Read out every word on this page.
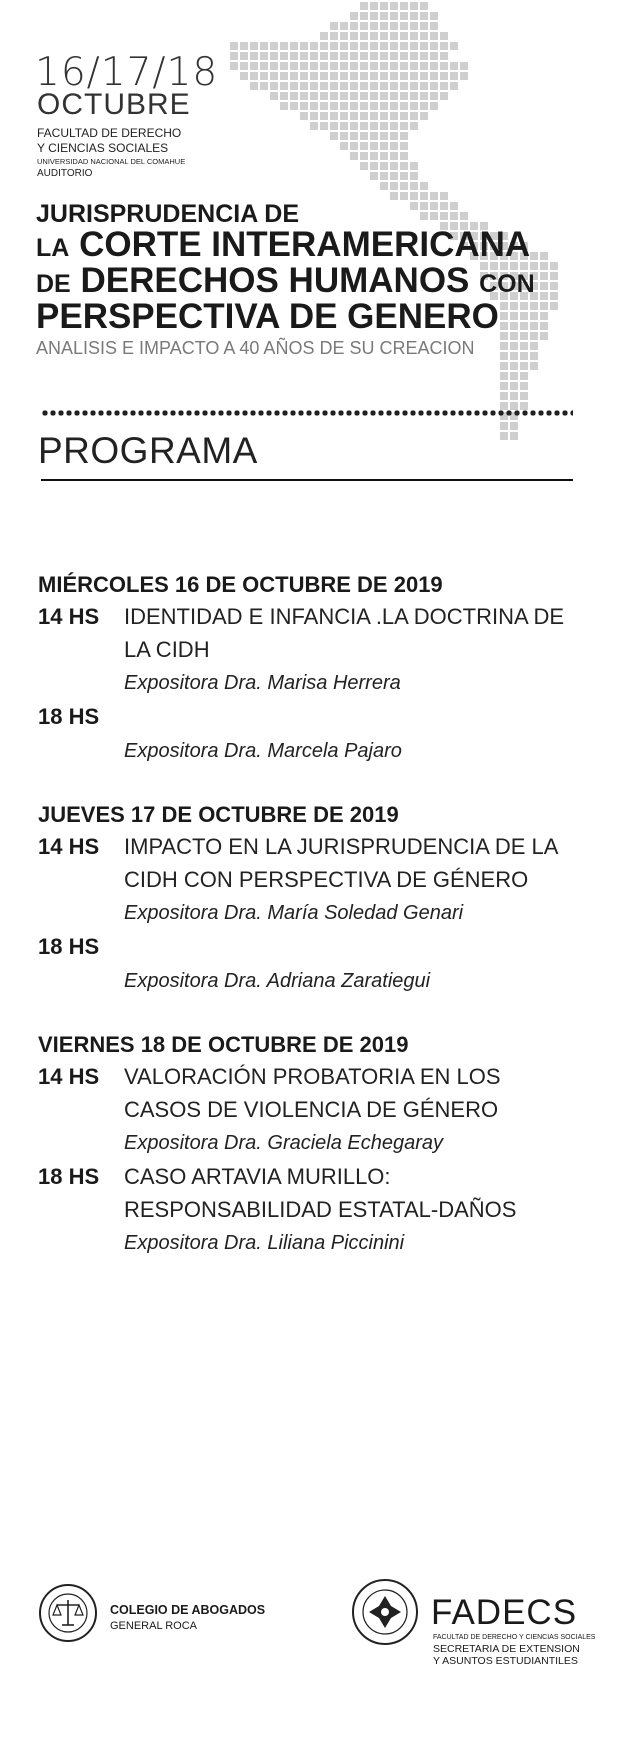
16/17/18
OCTUBRE
FACULTAD DE DERECHO
Y CIENCIAS SOCIALES
UNIVERSIDAD NACIONAL DEL COMAHUE
AUDITORIO
JURISPRUDENCIA DE
LA CORTE INTERAMERICANA
DE DERECHOS HUMANOS CON
PERSPECTIVA DE GENERO
ANALISIS E IMPACTO A 40 AÑOS DE SU CREACION
PROGRAMA
MIÉRCOLES 16 DE OCTUBRE DE 2019
14 HS	IDENTIDAD E INFANCIA .LA DOCTRINA DE LA CIDH
Expositora Dra. Marisa Herrera
18 HS
Expositora Dra. Marcela Pajaro
JUEVES 17 DE OCTUBRE DE 2019
14 HS	IMPACTO EN LA JURISPRUDENCIA DE LA CIDH CON PERSPECTIVA DE GÉNERO
Expositora Dra. María Soledad Genari
18 HS
Expositora Dra. Adriana Zaratiegui
VIERNES 18 DE OCTUBRE DE 2019
14 HS	VALORACIÓN PROBATORIA EN LOS CASOS DE VIOLENCIA DE GÉNERO
Expositora Dra. Graciela Echegaray
18 HS	CASO ARTAVIA MURILLO: RESPONSABILIDAD ESTATAL-DAÑOS
Expositora Dra. Liliana Piccinini
COLEGIO DE ABOGADOS
GENERAL ROCA	FADECS
FACULTAD DE DERECHO Y CIENCIAS SOCIALES
SECRETARIA DE EXTENSION
Y ASUNTOS ESTUDIANTILES
